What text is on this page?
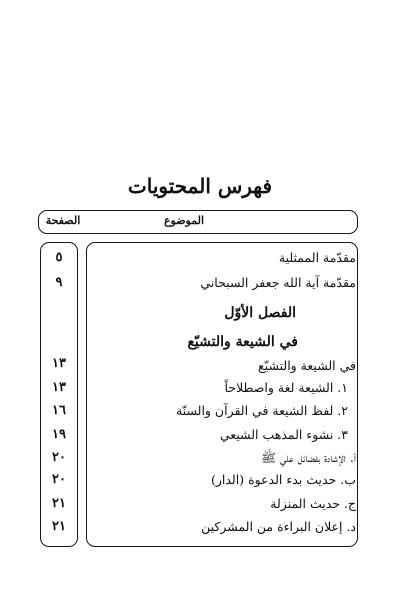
فهرس المحتويات
الموضوع
الصفحة
مقدّمة الممثلية
٥
مقدّمة آية الله جعفر السبحاني
٩
الفصل الأوّل
في الشيعة والتشيّع
في الشيعة والتشيّع
١٣
١. الشيعة لغة واصطلاحاً
١٣
٢. لفظ الشيعة في القرآن والسنّة
١٦
٣. نشوء المذهب الشيعي
١٩
أ. الإشادة بفضائل علي ﷺ
٢٠
ب. حديث بدء الدعوة (الدار)
٢٠
ج. حديث المنزلة
٢١
د. إعلان البراءة من المشركين
٢١
